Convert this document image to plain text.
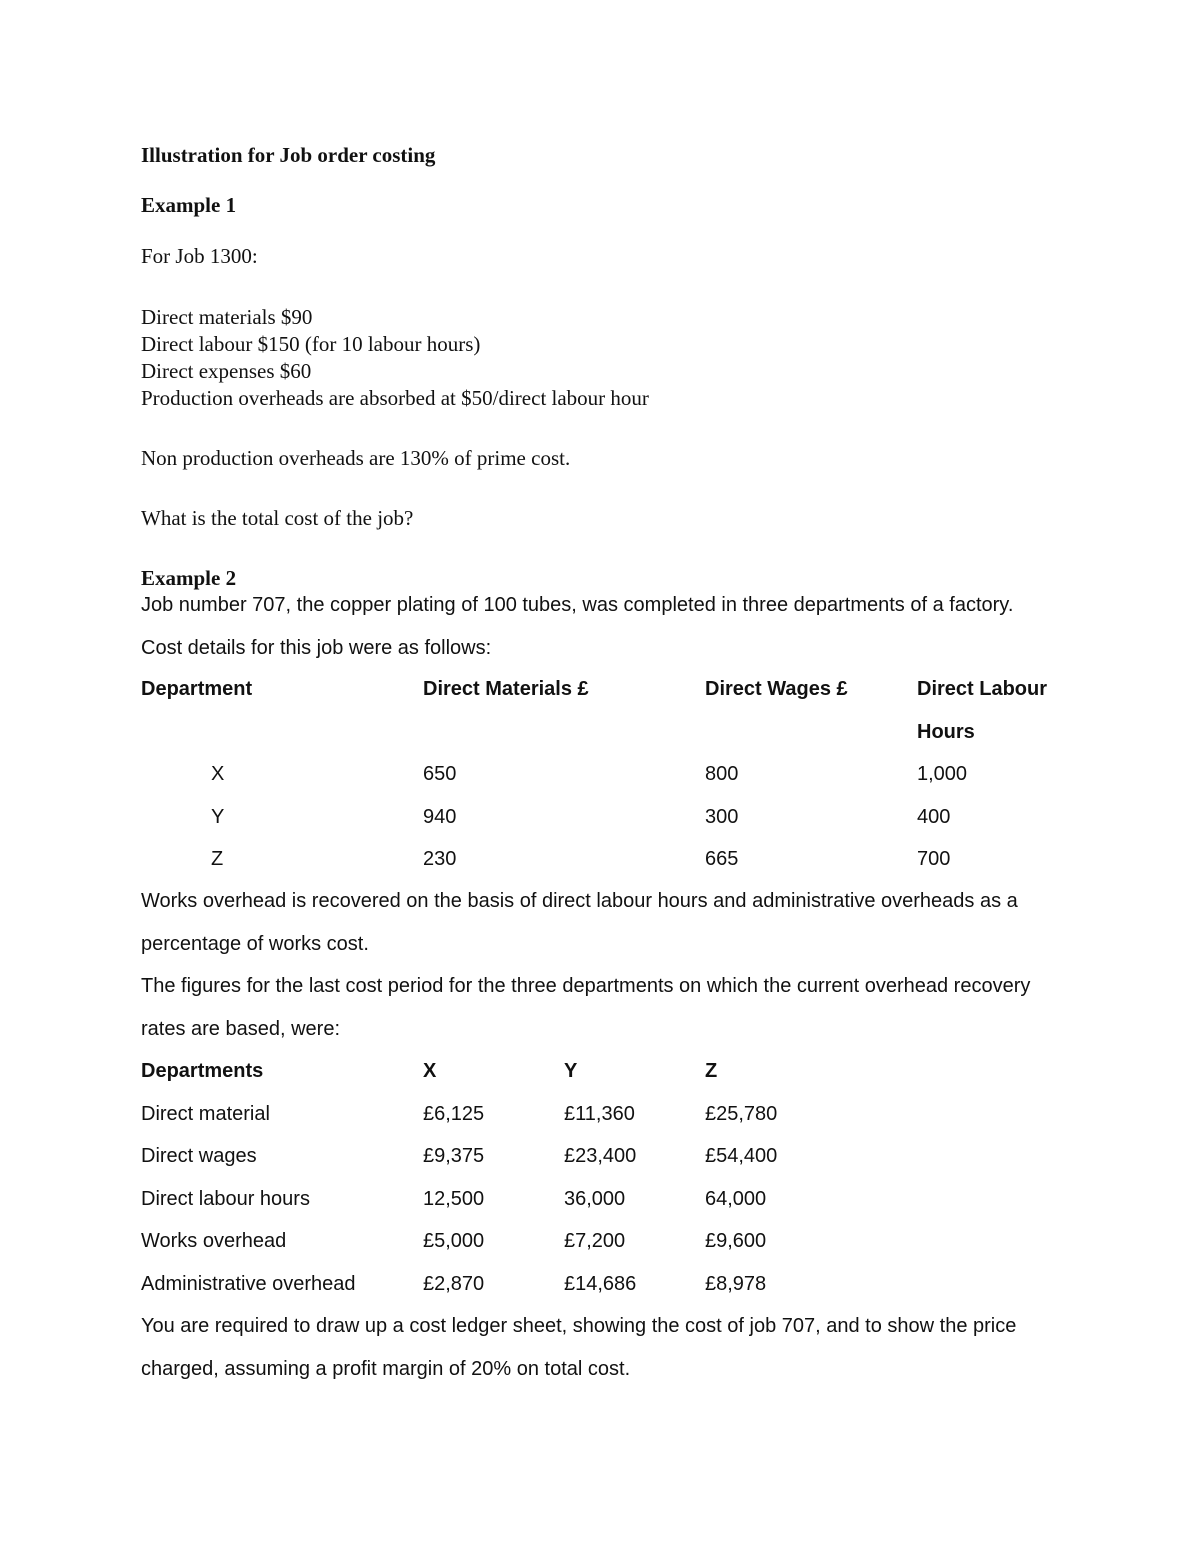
Illustration for Job order costing
Example 1
For Job 1300:
Direct materials $90
Direct labour $150 (for 10 labour hours)
Direct expenses $60
Production overheads are absorbed at $50/direct labour hour
Non production overheads are 130% of prime cost.
What is the total cost of the job?
Example 2
Job number 707, the copper plating of 100 tubes, was completed in three departments of a factory. Cost details for this job were as follows:
Department	Direct Materials £	Direct Wages £	Direct Labour
Hours
X	650	800	1,000
Y	940	300	400
Z	230	665	700
Works overhead is recovered on the basis of direct labour hours and administrative overheads as a percentage of works cost.
The figures for the last cost period for the three departments on which the current overhead recovery rates are based, were:
Departments	X	Y	Z
Direct material	£6,125	£11,360	£25,780
Direct wages	£9,375	£23,400	£54,400
Direct labour hours	12,500	36,000	64,000
Works overhead	£5,000	£7,200	£9,600
Administrative overhead	£2,870	£14,686	£8,978
You are required to draw up a cost ledger sheet, showing the cost of job 707, and to show the price charged, assuming a profit margin of 20% on total cost.
